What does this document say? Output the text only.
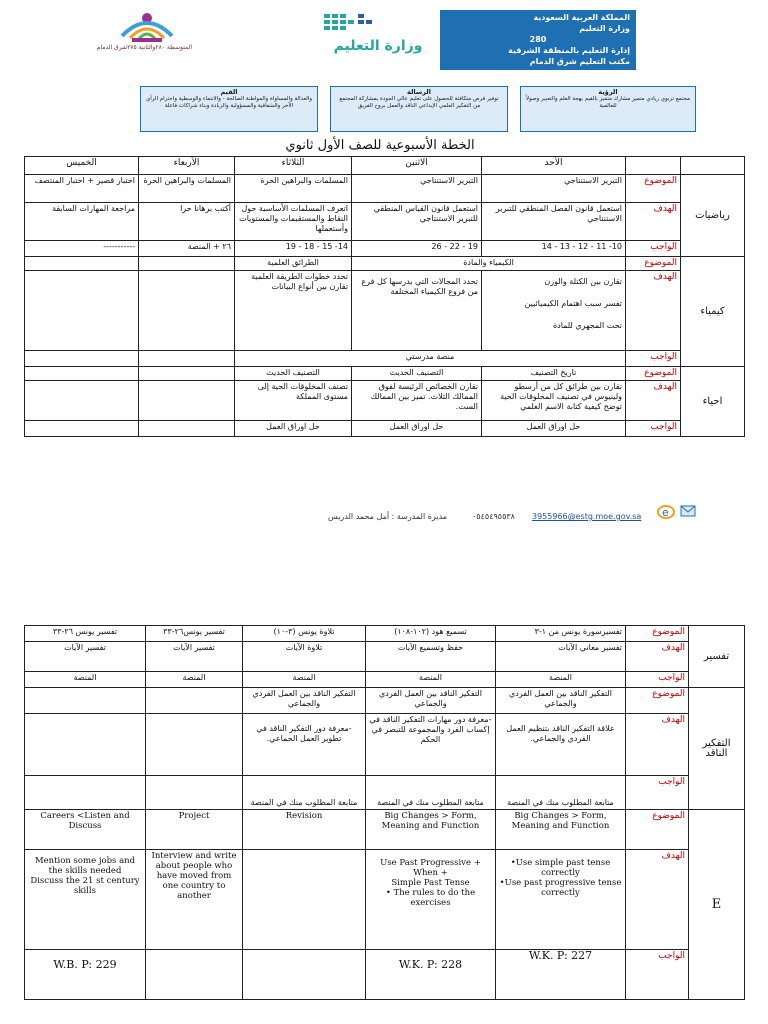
المتوسطة ٢٨٠والثانية ٢٧٥شرق الدمام	وزارة التعليم
المملكة العربية السعودية
وزارة التعليم
280
إدارة التعليم بالمنطقة الشرقية
مكتب التعليم شرق الدمام
القيم
والعدالة والمساواة والمواطنة الصالحة - والانتماء والوسطية واحترام الرأي الآخر والشفافية والمسؤولية والريادة وبناء شراكات فاعلة
الرسالة
توفير فرص متكافئة للحصول على تعليم عالي الجودة بمشاركة المجتمع من التفكير العلمي الإبداعي الناقد والعمل بروح الفريق
الرؤية
مجتمع تربوي ريادي متميز مشارك متميز بالقيم بهجة العلم والتعبير وصولاً للعالمية
الخطة الأسبوعية للصف الأول ثانوي
		الأحد	الاثنين	الثلاثاء	الأربعاء	الخميس
رياضيات	الموضوع	التبرير الاستنتاجي	التبرير الاستنتاجي	المسلمات والبراهين الحرة	المسلمات والبراهين الحرة	اختبار قصير + اختبار المنتصف
	الهدف	استعمل قانون الفصل المنطقي للتبرير الاستنتاجي	استعمل قانون القياس المنطقي للتبرير الاستنتاجي	اتعرف المسلمات الأساسية حول النقاط والمستقيمات والمستويات وأستعملها	أكتب برهانا حرا	مراجعة المهارات السابقة
	الواجب	10- 11 - 12 - 13 - 14	19 - 22 - 26	14- 15 - 18 - 19	٢٦ + المنصة	-----------
كيمياء	الموضوع	الكيمياء والمادة		الطرائق العلمية		
	الهدف	تقارن بين الكتلة والوزن
تفسر سبب اهتمام الكيميائيين
تحت المجهري للمادة	تحدد المجالات التي يدرسها كل فرع من فروع الكيمياء المختلفة	تحدد خطوات الطريقة العلمية تقارن بين أنواع البيانات		
	الواجب	منصة مدرستي				
احياء	الموضوع	تاريخ التصنيف	التصنيف الحديث	التصنيف الحديث		
	الهدف	تقارن بين طرائق كل من أرسطو ولينيوس في تصنيف المخلوقات الحية توضح كيفية كتابة الاسم العلمي	تقارن الخصائص الرئيسة لفوق الممالك الثلاث. تميز بين الممالك الست.	تصنف المخلوقات الحية إلى مستوى المملكة		
	الواجب	حل اوراق العمل	حل اوراق العمل	حل اوراق العمل		
مديرة المدرسة : أمل محمد الدريس	٠٥٤٥٤٩٥٥٣٨ 3955966@estg.moe.gov.sa e
تفسير	الموضوع	تفسيرسورة يونس من ١-٣	تسميع هود (١٠٢-١٠٨)	تلاوة يونس (٣-١٠)	تفسير يونس٢٦-٣٣	تفسير يونس ٢٦-٣٣
	الهدف	تفسير معاني الآيات	حفظ وتسميع الآيات	تلاوة الآيات	تفسير الآيات	تفسير الآيات
	الواجب	المنصة	المنصة	المنصة	المنصة	المنصة
التفكير الناقد	الموضوع	التفكير الناقد بين العمل الفردي والجماعي	التفكير الناقد بين العمل الفردي والجماعي	التفكير الناقد بين العمل الفردي والجماعي		
	الهدف	علاقة التفكير الناقد بتنظيم العمل الفردي والجماعي.	-معرفة دور مهارات التفكير الناقد في إكساب الفرد والمجموعة للتبصر في الحكم	-معرفة دور التفكير الناقد في تطوير العمل الجماعي.		
	الواجب	متابعة المطلوب منك في المنصة	متابعة المطلوب منك في المنصة	متابعة المطلوب منك في المنصة		
E	الموضوع	Big Changes > Form, Meaning and Function	Big Changes > Form, Meaning and Function	Revision	Project	Careers <Listen and Discuss
	الهدف	•Use simple past tense correctly
•Use past progressive tense correctly	Use Past Progressive +
When +
Simple Past Tense
• The rules to do the exercises		Interview and write about people who have moved from one country to another	Mention some jobs and the skills needed
Discuss the 21 st century skills
	الواجب	W.K. P: 227	W.K. P: 228			W.B. P: 229
